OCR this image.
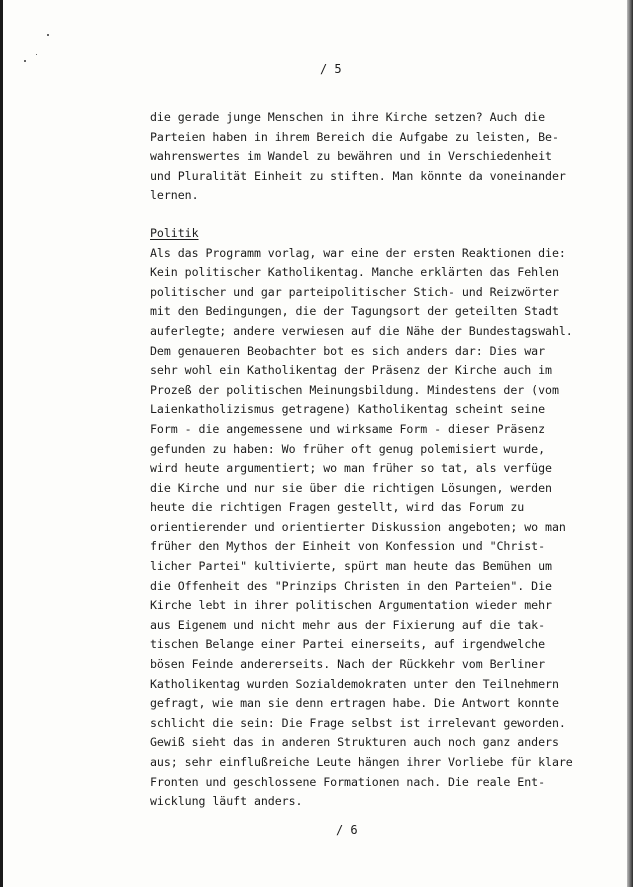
/ 5
die gerade junge Menschen in ihre Kirche setzen? Auch die
Parteien haben in ihrem Bereich die Aufgabe zu leisten, Be-
wahrenswertes im Wandel zu bewähren und in Verschiedenheit
und Pluralität Einheit zu stiften. Man könnte da voneinander
lernen.
Politik
Als das Programm vorlag, war eine der ersten Reaktionen die:
Kein politischer Katholikentag. Manche erklärten das Fehlen
politischer und gar parteipolitischer Stich- und Reizwörter
mit den Bedingungen, die der Tagungsort der geteilten Stadt
auferlegte; andere verwiesen auf die Nähe der Bundestagswahl.
Dem genaueren Beobachter bot es sich anders dar: Dies war
sehr wohl ein Katholikentag der Präsenz der Kirche auch im
Prozeß der politischen Meinungsbildung. Mindestens der (vom
Laienkatholizismus getragene) Katholikentag scheint seine
Form - die angemessene und wirksame Form - dieser Präsenz
gefunden zu haben: Wo früher oft genug polemisiert wurde,
wird heute argumentiert; wo man früher so tat, als verfüge
die Kirche und nur sie über die richtigen Lösungen, werden
heute die richtigen Fragen gestellt, wird das Forum zu
orientierender und orientierter Diskussion angeboten; wo man
früher den Mythos der Einheit von Konfession und "Christ-
licher Partei" kultivierte, spürt man heute das Bemühen um
die Offenheit des "Prinzips Christen in den Parteien". Die
Kirche lebt in ihrer politischen Argumentation wieder mehr
aus Eigenem und nicht mehr aus der Fixierung auf die tak-
tischen Belange einer Partei einerseits, auf irgendwelche
bösen Feinde andererseits. Nach der Rückkehr vom Berliner
Katholikentag wurden Sozialdemokraten unter den Teilnehmern
gefragt, wie man sie denn ertragen habe. Die Antwort konnte
schlicht die sein: Die Frage selbst ist irrelevant geworden.
Gewiß sieht das in anderen Strukturen auch noch ganz anders
aus; sehr einflußreiche Leute hängen ihrer Vorliebe für klare
Fronten und geschlossene Formationen nach. Die reale Ent-
wicklung läuft anders.
/ 6
